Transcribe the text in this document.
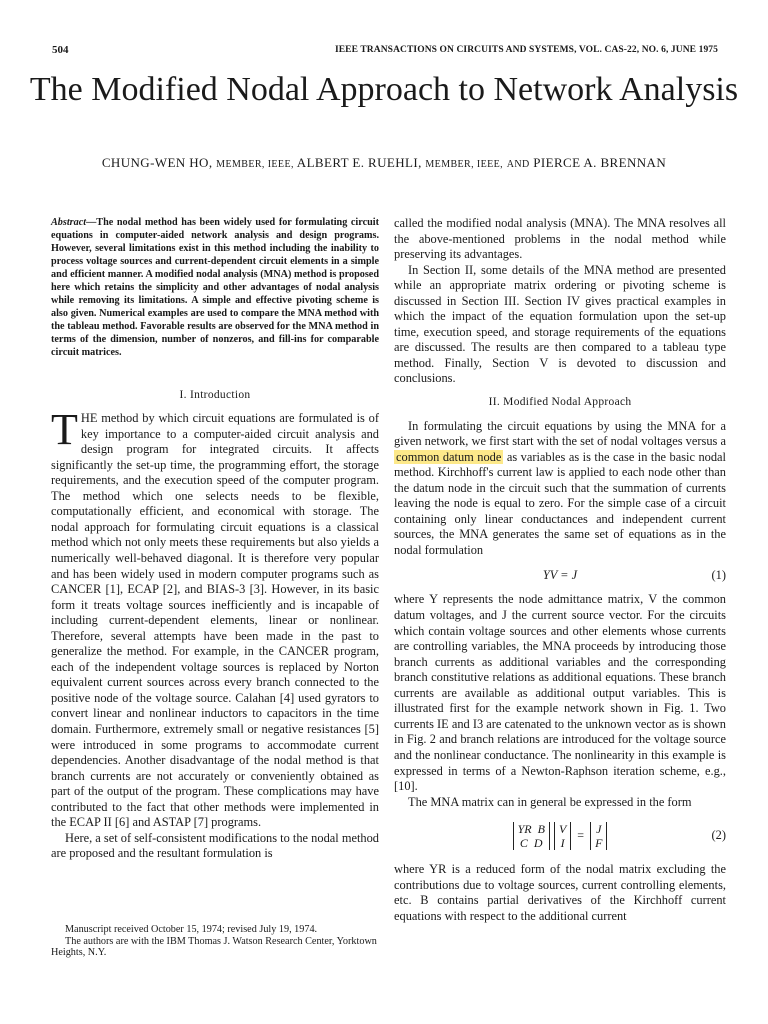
504	IEEE TRANSACTIONS ON CIRCUITS AND SYSTEMS, VOL. CAS-22, NO. 6, JUNE 1975
The Modified Nodal Approach to Network Analysis
CHUNG-WEN HO, MEMBER, IEEE, ALBERT E. RUEHLI, MEMBER, IEEE, AND PIERCE A. BRENNAN
Abstract—The nodal method has been widely used for formulating circuit equations in computer-aided network analysis and design programs. However, several limitations exist in this method including the inability to process voltage sources and current-dependent circuit elements in a simple and efficient manner. A modified nodal analysis (MNA) method is proposed here which retains the simplicity and other advantages of nodal analysis while removing its limitations. A simple and effective pivoting scheme is also given. Numerical examples are used to compare the MNA method with the tableau method. Favorable results are observed for the MNA method in terms of the dimension, number of nonzeros, and fill-ins for comparable circuit matrices.
I. Introduction

THE method by which circuit equations are formulated is of key importance to a computer-aided circuit analysis and design program for integrated circuits. It affects significantly the set-up time, the programming effort, the storage requirements, and the execution speed of the computer program. The method which one selects needs to be flexible, computationally efficient, and economical with storage. The nodal approach for formulating circuit equations is a classical method which not only meets these requirements but also yields a numerically well-behaved diagonal. It is therefore very popular and has been widely used in modern computer programs such as CANCER [1], ECAP [2], and BIAS-3 [3]. However, in its basic form it treats voltage sources inefficiently and is incapable of including current-dependent elements, linear or nonlinear. Therefore, several attempts have been made in the past to generalize the method. For example, in the CANCER program, each of the independent voltage sources is replaced by Norton equivalent current sources across every branch connected to the positive node of the voltage source. Calahan [4] used gyrators to convert linear and nonlinear inductors to capacitors in the time domain. Furthermore, extremely small or negative resistances [5] were introduced in some programs to accommodate current dependencies. Another disadvantage of the nodal method is that branch currents are not accurately or conveniently obtained as part of the output of the program. These complications may have contributed to the fact that other methods were implemented in the ECAP II [6] and ASTAP [7] programs.

Here, a set of self-consistent modifications to the nodal method are proposed and the resultant formulation is

called the modified nodal analysis (MNA). The MNA resolves all the above-mentioned problems in the nodal method while preserving its advantages.

In Section II, some details of the MNA method are presented while an appropriate matrix ordering or pivoting scheme is discussed in Section III. Section IV gives practical examples in which the impact of the equation formulation upon the set-up time, execution speed, and storage requirements of the equations are discussed. The results are then compared to a tableau type method. Finally, Section V is devoted to discussion and conclusions.

II. Modified Nodal Approach

In formulating the circuit equations by using the MNA for a given network, we first start with the set of nodal voltages versus a common datum node as variables as is the case in the basic nodal method. Kirchhoff's current law is applied to each node other than the datum node in the circuit such that the summation of currents leaving the node is equal to zero. For the simple case of a circuit containing only linear conductances and independent current sources, the MNA generates the same set of equations as in the nodal formulation

YV = J	(1)

where Y represents the node admittance matrix, V the common datum voltages, and J the current source vector. For the circuits which contain voltage sources and other elements whose currents are controlling variables, the MNA proceeds by introducing those branch currents as additional variables and the corresponding branch constitutive relations as additional equations. These branch currents are available as additional output variables. This is illustrated first for the example network shown in Fig. 1. Two currents IE and I3 are catenated to the unknown vector as is shown in Fig. 2 and branch relations are introduced for the voltage source and the nonlinear conductance. The nonlinearity in this example is expressed in terms of a Newton-Raphson iteration scheme, e.g., [10].

The MNA matrix can in general be expressed in the form

YR B
C D
V
I
=	J
F
(2)

where YR is a reduced form of the nodal matrix excluding the contributions due to voltage sources, current controlling elements, etc. B contains partial derivatives of the Kirchhoff current equations with respect to the additional current

Manuscript received October 15, 1974; revised July 19, 1974.

The authors are with the IBM Thomas J. Watson Research Center, Yorktown Heights, N.Y.
